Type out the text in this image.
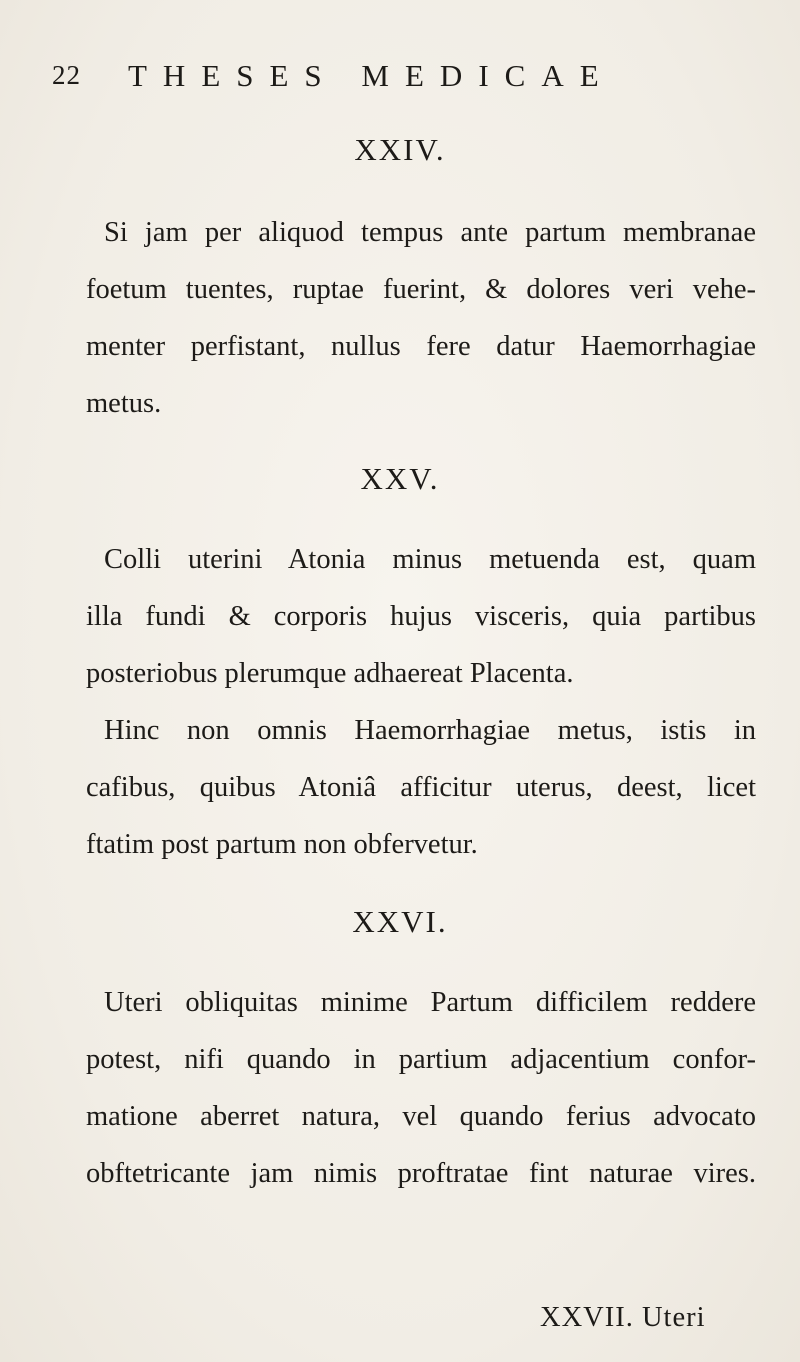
22 THESES MEDICAE
XXIV.
Si jam per aliquod tempus ante partum membranae
foetum tuentes, ruptae fuerint, & dolores veri vehe-
menter perfistant, nullus fere datur Haemorrhagiae
metus.
XXV.
Colli uterini Atonia minus metuenda est, quam
illa fundi & corporis hujus visceris, quia partibus
posteriobus plerumque adhaereat Placenta.
Hinc non omnis Haemorrhagiae metus, istis in
cafibus, quibus Atoniâ afficitur uterus, deest, licet
ftatim post partum non obfervetur.
XXVI.
Uteri obliquitas minime Partum difficilem reddere
potest, nifi quando in partium adjacentium confor-
matione aberret natura, vel quando ferius advocato
obftetricante jam nimis proftratae fint naturae vires.
XXVII. Uteri
